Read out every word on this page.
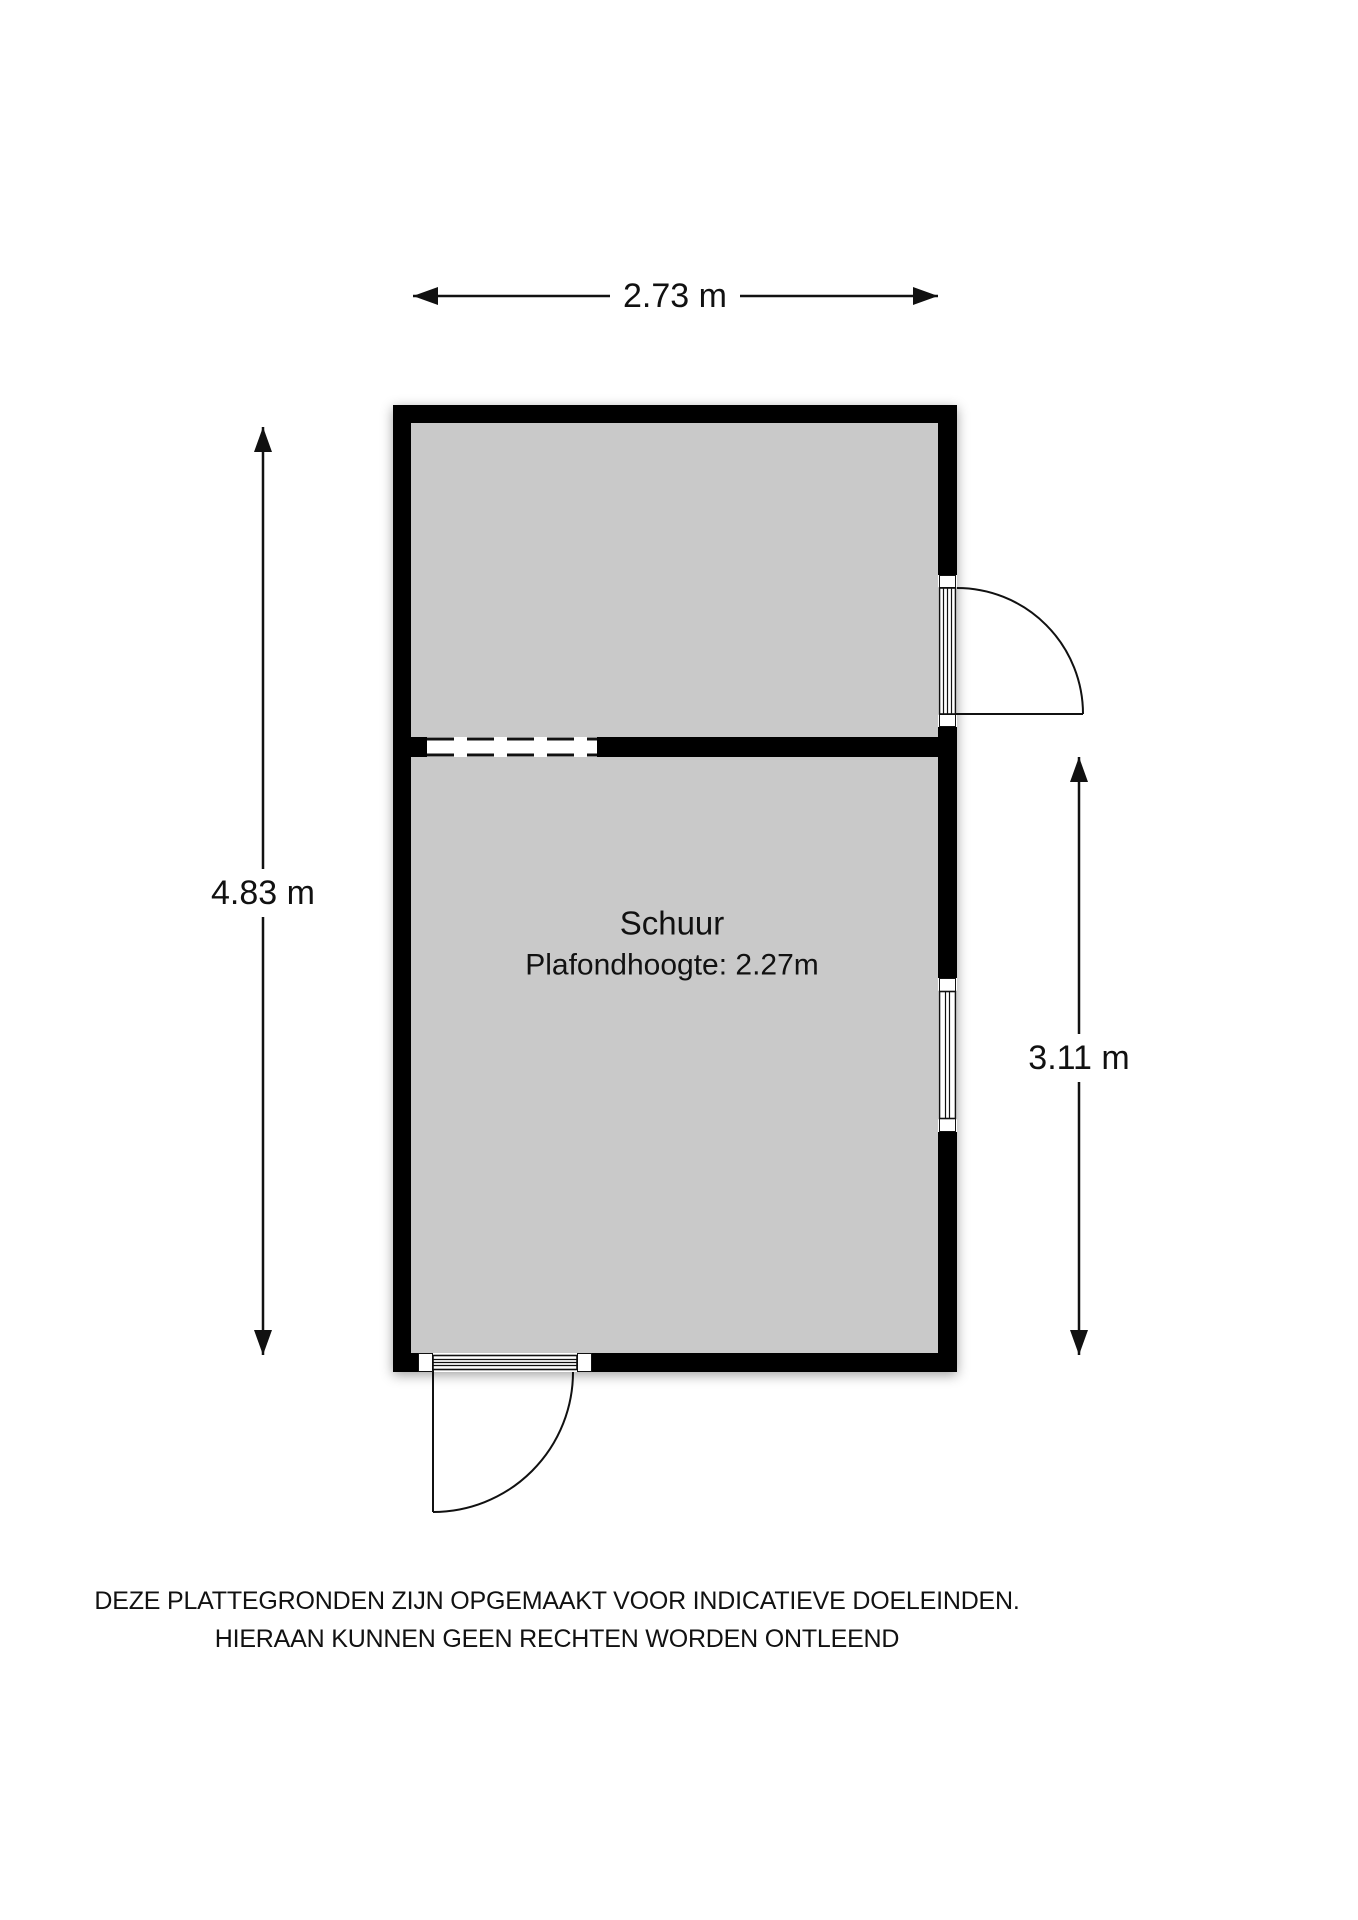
2.73 m
4.83 m
3.11 m
Schuur
Plafondhoogte: 2.27m
DEZE PLATTEGRONDEN ZIJN OPGEMAAKT VOOR INDICATIEVE DOELEINDEN.
HIERAAN KUNNEN GEEN RECHTEN WORDEN ONTLEEND
